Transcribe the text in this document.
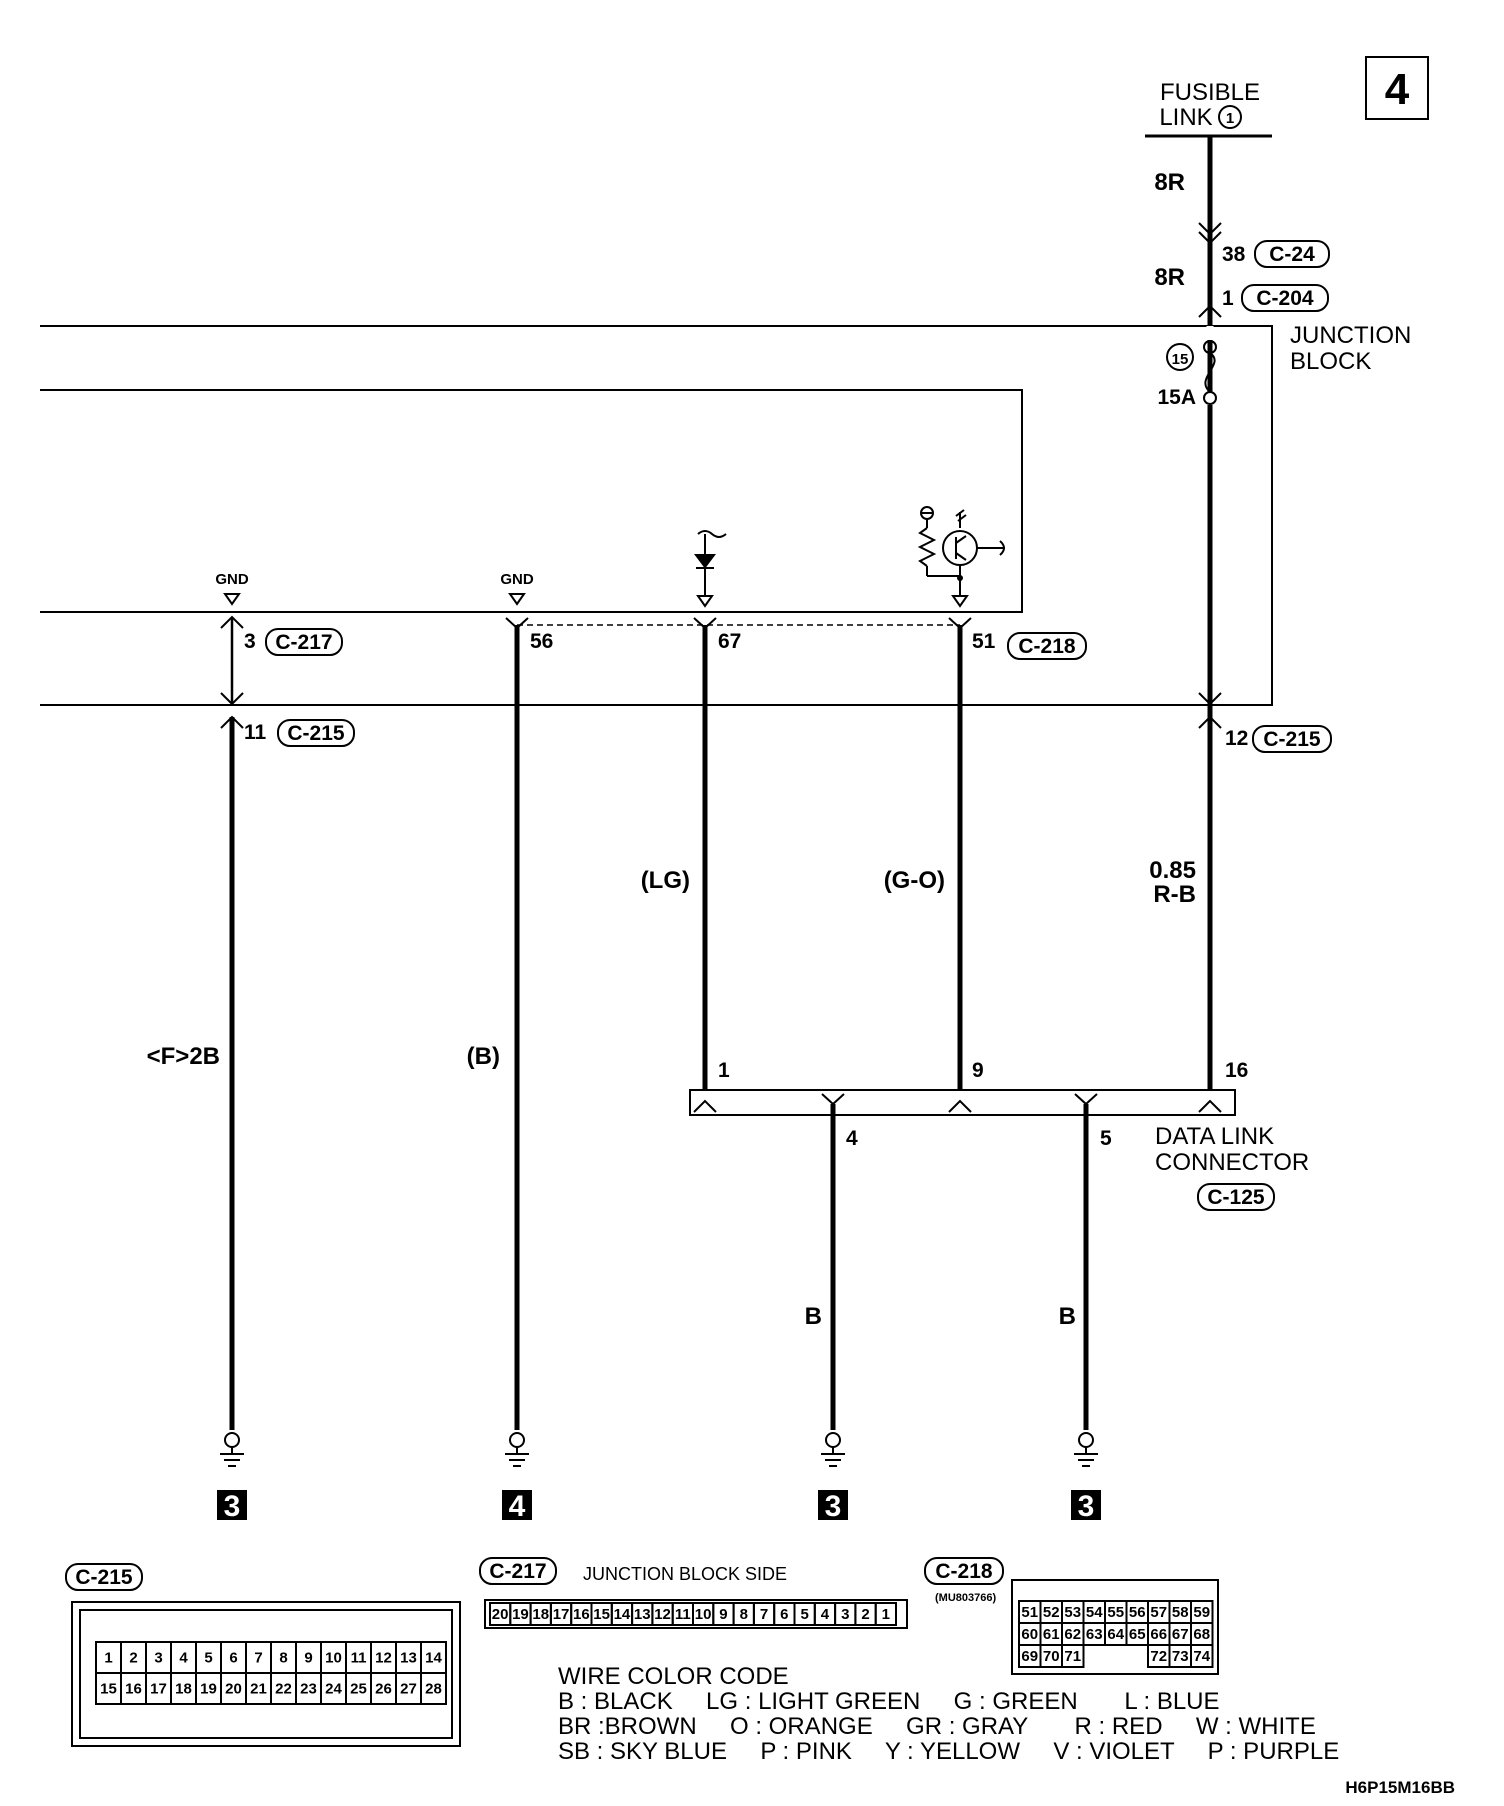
4
FUSIBLE
LINK 1
8R
38 C-24
8R
1 C-204
JUNCTION
BLOCK
15
15A
GND	GND
3 C-217
11 C-215
<F>2B
56
(B)
67
(LG)
51 C-218
(G-O)
12 C-215
0.85
R-B
1	9	16
4	5 DATA LINK
CONNECTOR
C-125
B	B
3	4	3	3
C-215
1 2 3 4 5 6 7 8 9 10 11 12 13 14
15 16 17 18 19 20 21 22 23 24 25 26 27 28
C-217 JUNCTION BLOCK SIDE
20 19 18 17 16 15 14 13 12 11 10 9 8 7 6 5 4 3 2 1
C-218
(MU803766)
51 52 53 54 55 56 57 58 59
60 61 62 63 64 65 66 67 68
69 70 71	72 73 74
WIRE COLOR CODE
B : BLACK     LG : LIGHT GREEN     G : GREEN       L : BLUE
BR :BROWN     O : ORANGE     GR : GRAY       R : RED     W : WHITE
SB : SKY BLUE     P : PINK     Y : YELLOW     V : VIOLET     P : PURPLE
H6P15M16BB
